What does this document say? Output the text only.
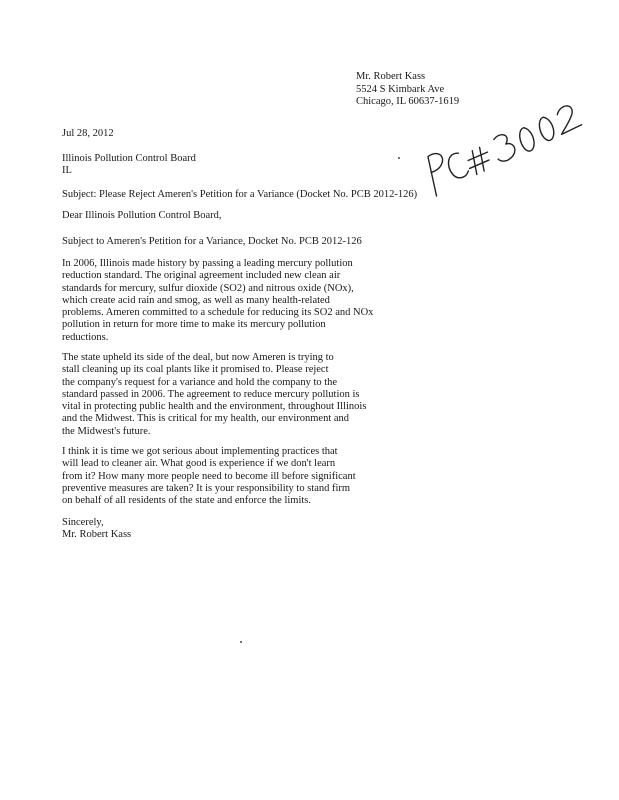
Mr. Robert Kass
5524 S Kimbark Ave
Chicago, IL 60637-1619
Jul 28, 2012
Illinois Pollution Control Board
IL
Subject: Please Reject Ameren's Petition for a Variance (Docket No. PCB 2012-126)
Dear Illinois Pollution Control Board,
Subject to Ameren's Petition for a Variance, Docket No. PCB 2012-126
In 2006, Illinois made history by passing a leading mercury pollution
reduction standard. The original agreement included new clean air
standards for mercury, sulfur dioxide (SO2) and nitrous oxide (NOx),
which create acid rain and smog, as well as many health-related
problems. Ameren committed to a schedule for reducing its SO2 and NOx
pollution in return for more time to make its mercury pollution
reductions.
The state upheld its side of the deal, but now Ameren is trying to
stall cleaning up its coal plants like it promised to. Please reject
the company's request for a variance and hold the company to the
standard passed in 2006. The agreement to reduce mercury pollution is
vital in protecting public health and the environment, throughout Illinois
and the Midwest. This is critical for my health, our environment and
the Midwest's future.
I think it is time we got serious about implementing practices that
will lead to cleaner air. What good is experience if we don't learn
from it? How many more people need to become ill before significant
preventive measures are taken? It is your responsibility to stand firm
on behalf of all residents of the state and enforce the limits.
Sincerely,
Mr. Robert Kass
